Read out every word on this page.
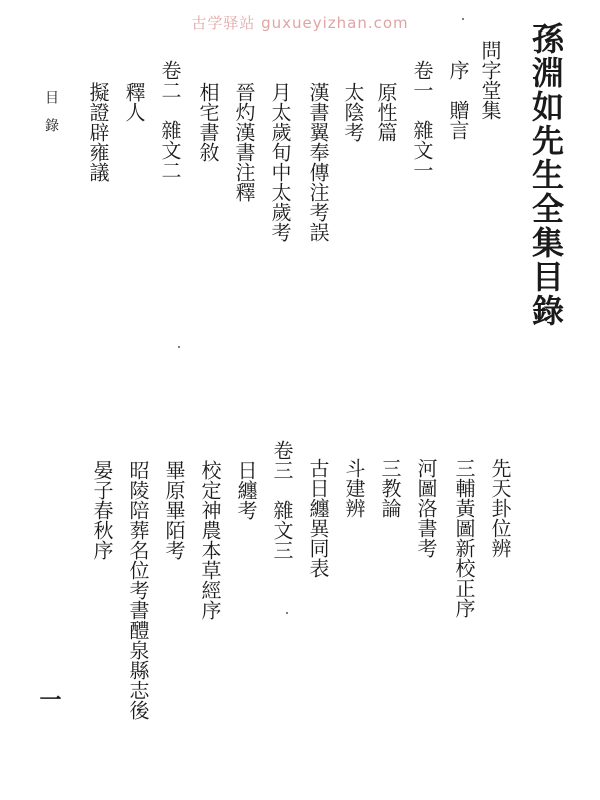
古学驿站 guxueyizhan.com	孫淵如先生全集目錄
問字堂集
序　贈言
卷一　雜文一
原性篇
太陰考
漢書翼奉傳注考誤
月太歲旬中太歲考
晉灼漢書注釋
相宅書敘
卷二　雜文二
釋人
擬證辟雍議
先天卦位辨
三輔黃圖新校正序
河圖洛書考
三教論
斗建辨
古日纏異同表
卷三　雜文三
日纏考
校定神農本草經序
畢原畢陌考
昭陵陪葬名位考書醴泉縣志後
晏子春秋序
目　錄
一
